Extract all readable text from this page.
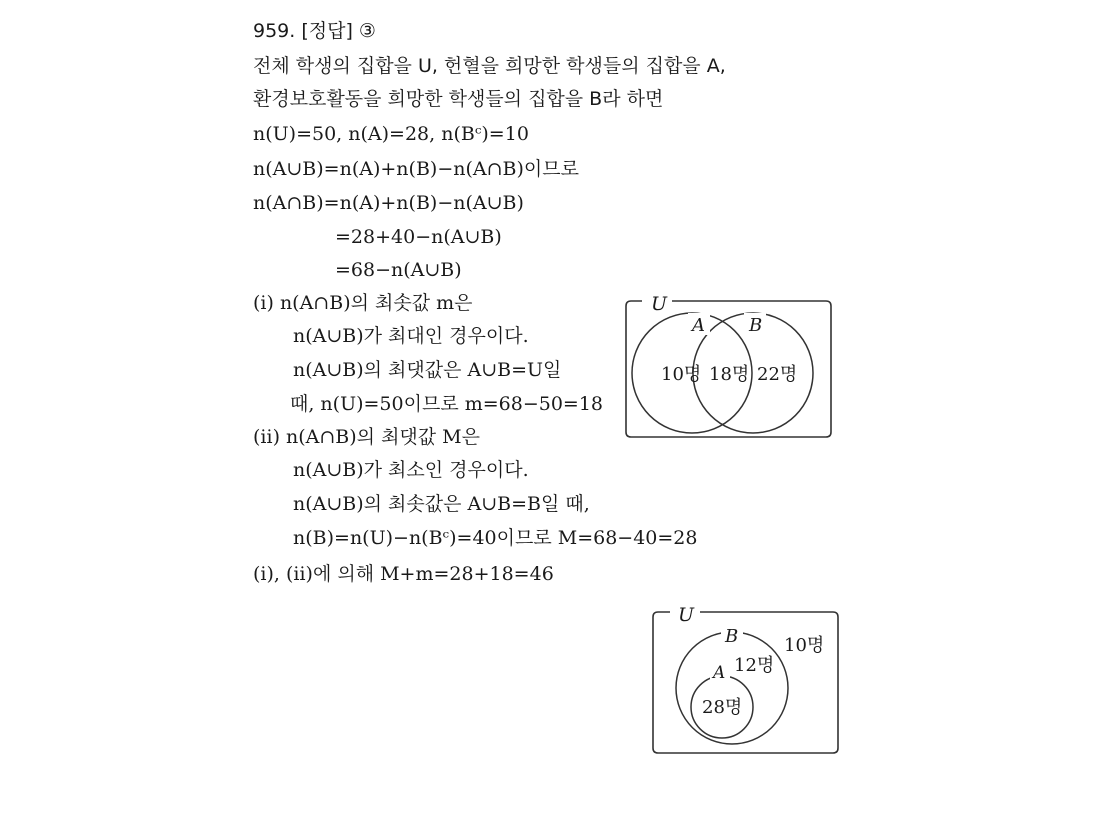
959. [정답] ③
전체 학생의 집합을 U, 헌혈을 희망한 학생들의 집합을 A,
환경보호활동을 희망한 학생들의 집합을 B라 하면
n(U)=50, n(A)=28, n(Bᶜ)=10
n(A∪B)=n(A)+n(B)−n(A∩B)이므로
n(A∩B)=n(A)+n(B)−n(A∪B)
=28+40−n(A∪B)
=68−n(A∪B)
(ⅰ) n(A∩B)의 최솟값 m은
n(A∪B)가 최대인 경우이다.
n(A∪B)의 최댓값은 A∪B=U일
때, n(U)=50이므로 m=68−50=18
(ⅱ) n(A∩B)의 최댓값 M은
n(A∪B)가 최소인 경우이다.
n(A∪B)의 최솟값은 A∪B=B일 때,
n(B)=n(U)−n(Bᶜ)=40이므로 M=68−40=28
(ⅰ), (ⅱ)에 의해 M+m=28+18=46
U
A B
10명 18명 22명
U
B
A
10명
12명
28명
